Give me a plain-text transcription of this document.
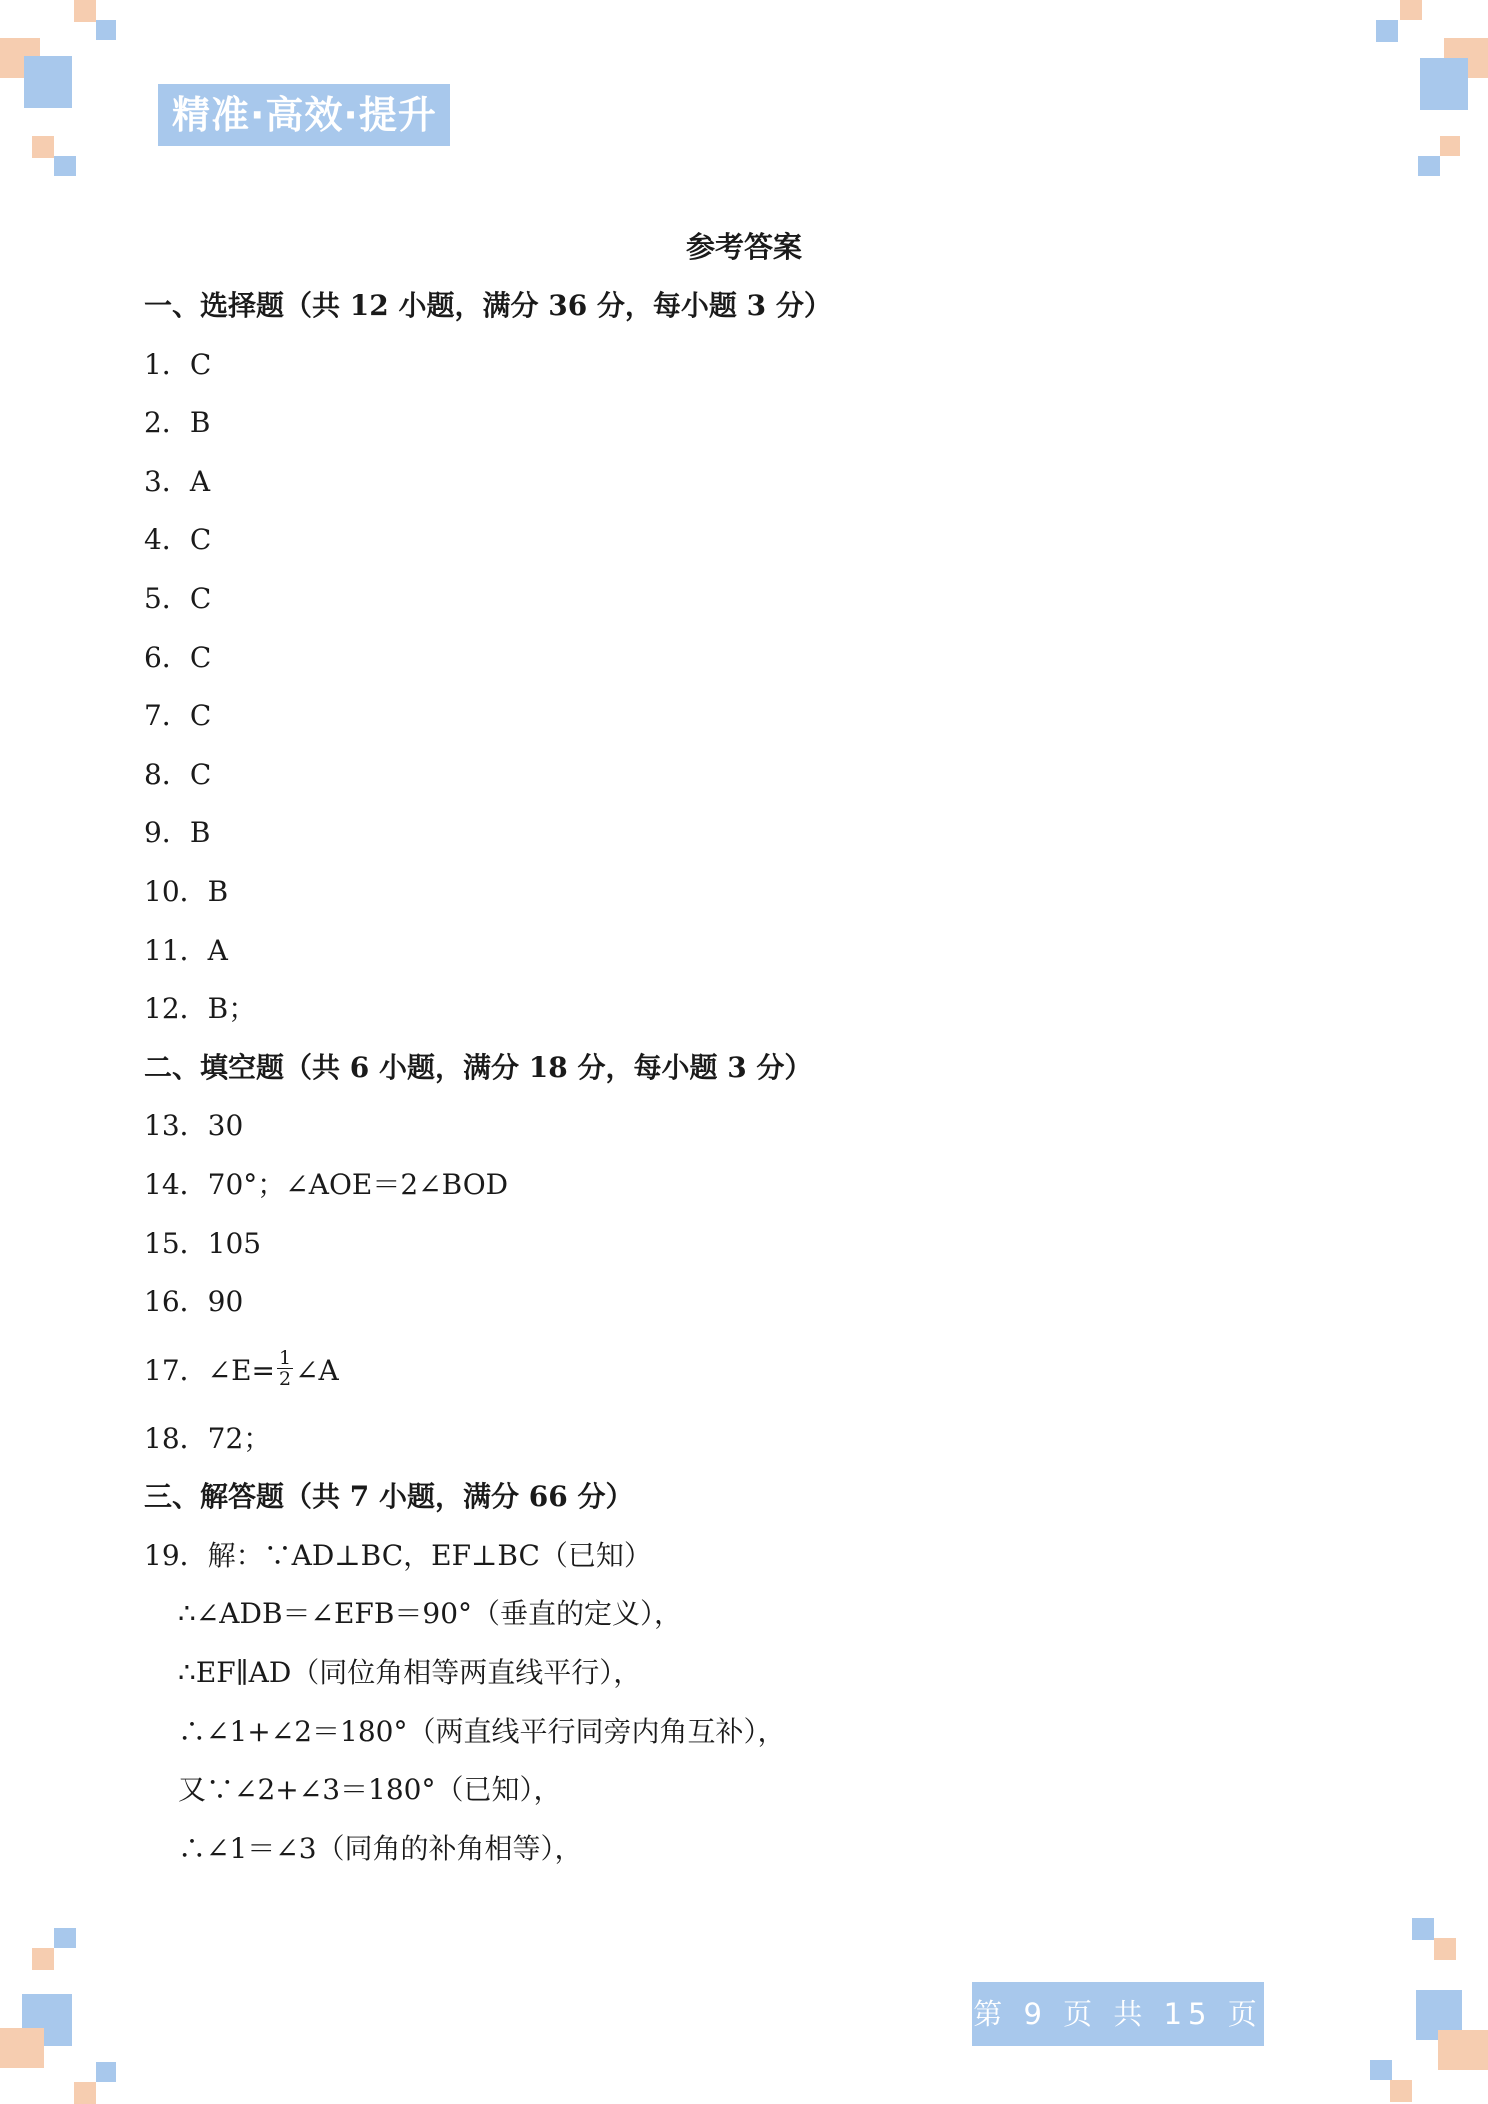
精准·高效·提升
参考答案
一、选择题（共 12 小题，满分 36 分，每小题 3 分）
1．C
2．B
3．A
4．C
5．C
6．C
7．C
8．C
9．B
10．B
11．A
12．B；
二、填空题（共 6 小题，满分 18 分，每小题 3 分）
13．30
14．70°；∠AOE＝2∠BOD
15．105
16．90
17．∠E= $\frac{1}{2}$ ∠A
18．72；
三、解答题（共 7 小题，满分 66 分）
19．解：∵AD⊥BC，EF⊥BC（已知）
∴∠ADB＝∠EFB＝90°（垂直的定义），
∴EF∥AD（同位角相等两直线平行），
∴∠1+∠2＝180°（两直线平行同旁内角互补），
又∵∠2+∠3＝180°（已知），
∴∠1＝∠3（同角的补角相等），
第 9 页 共 15 页
